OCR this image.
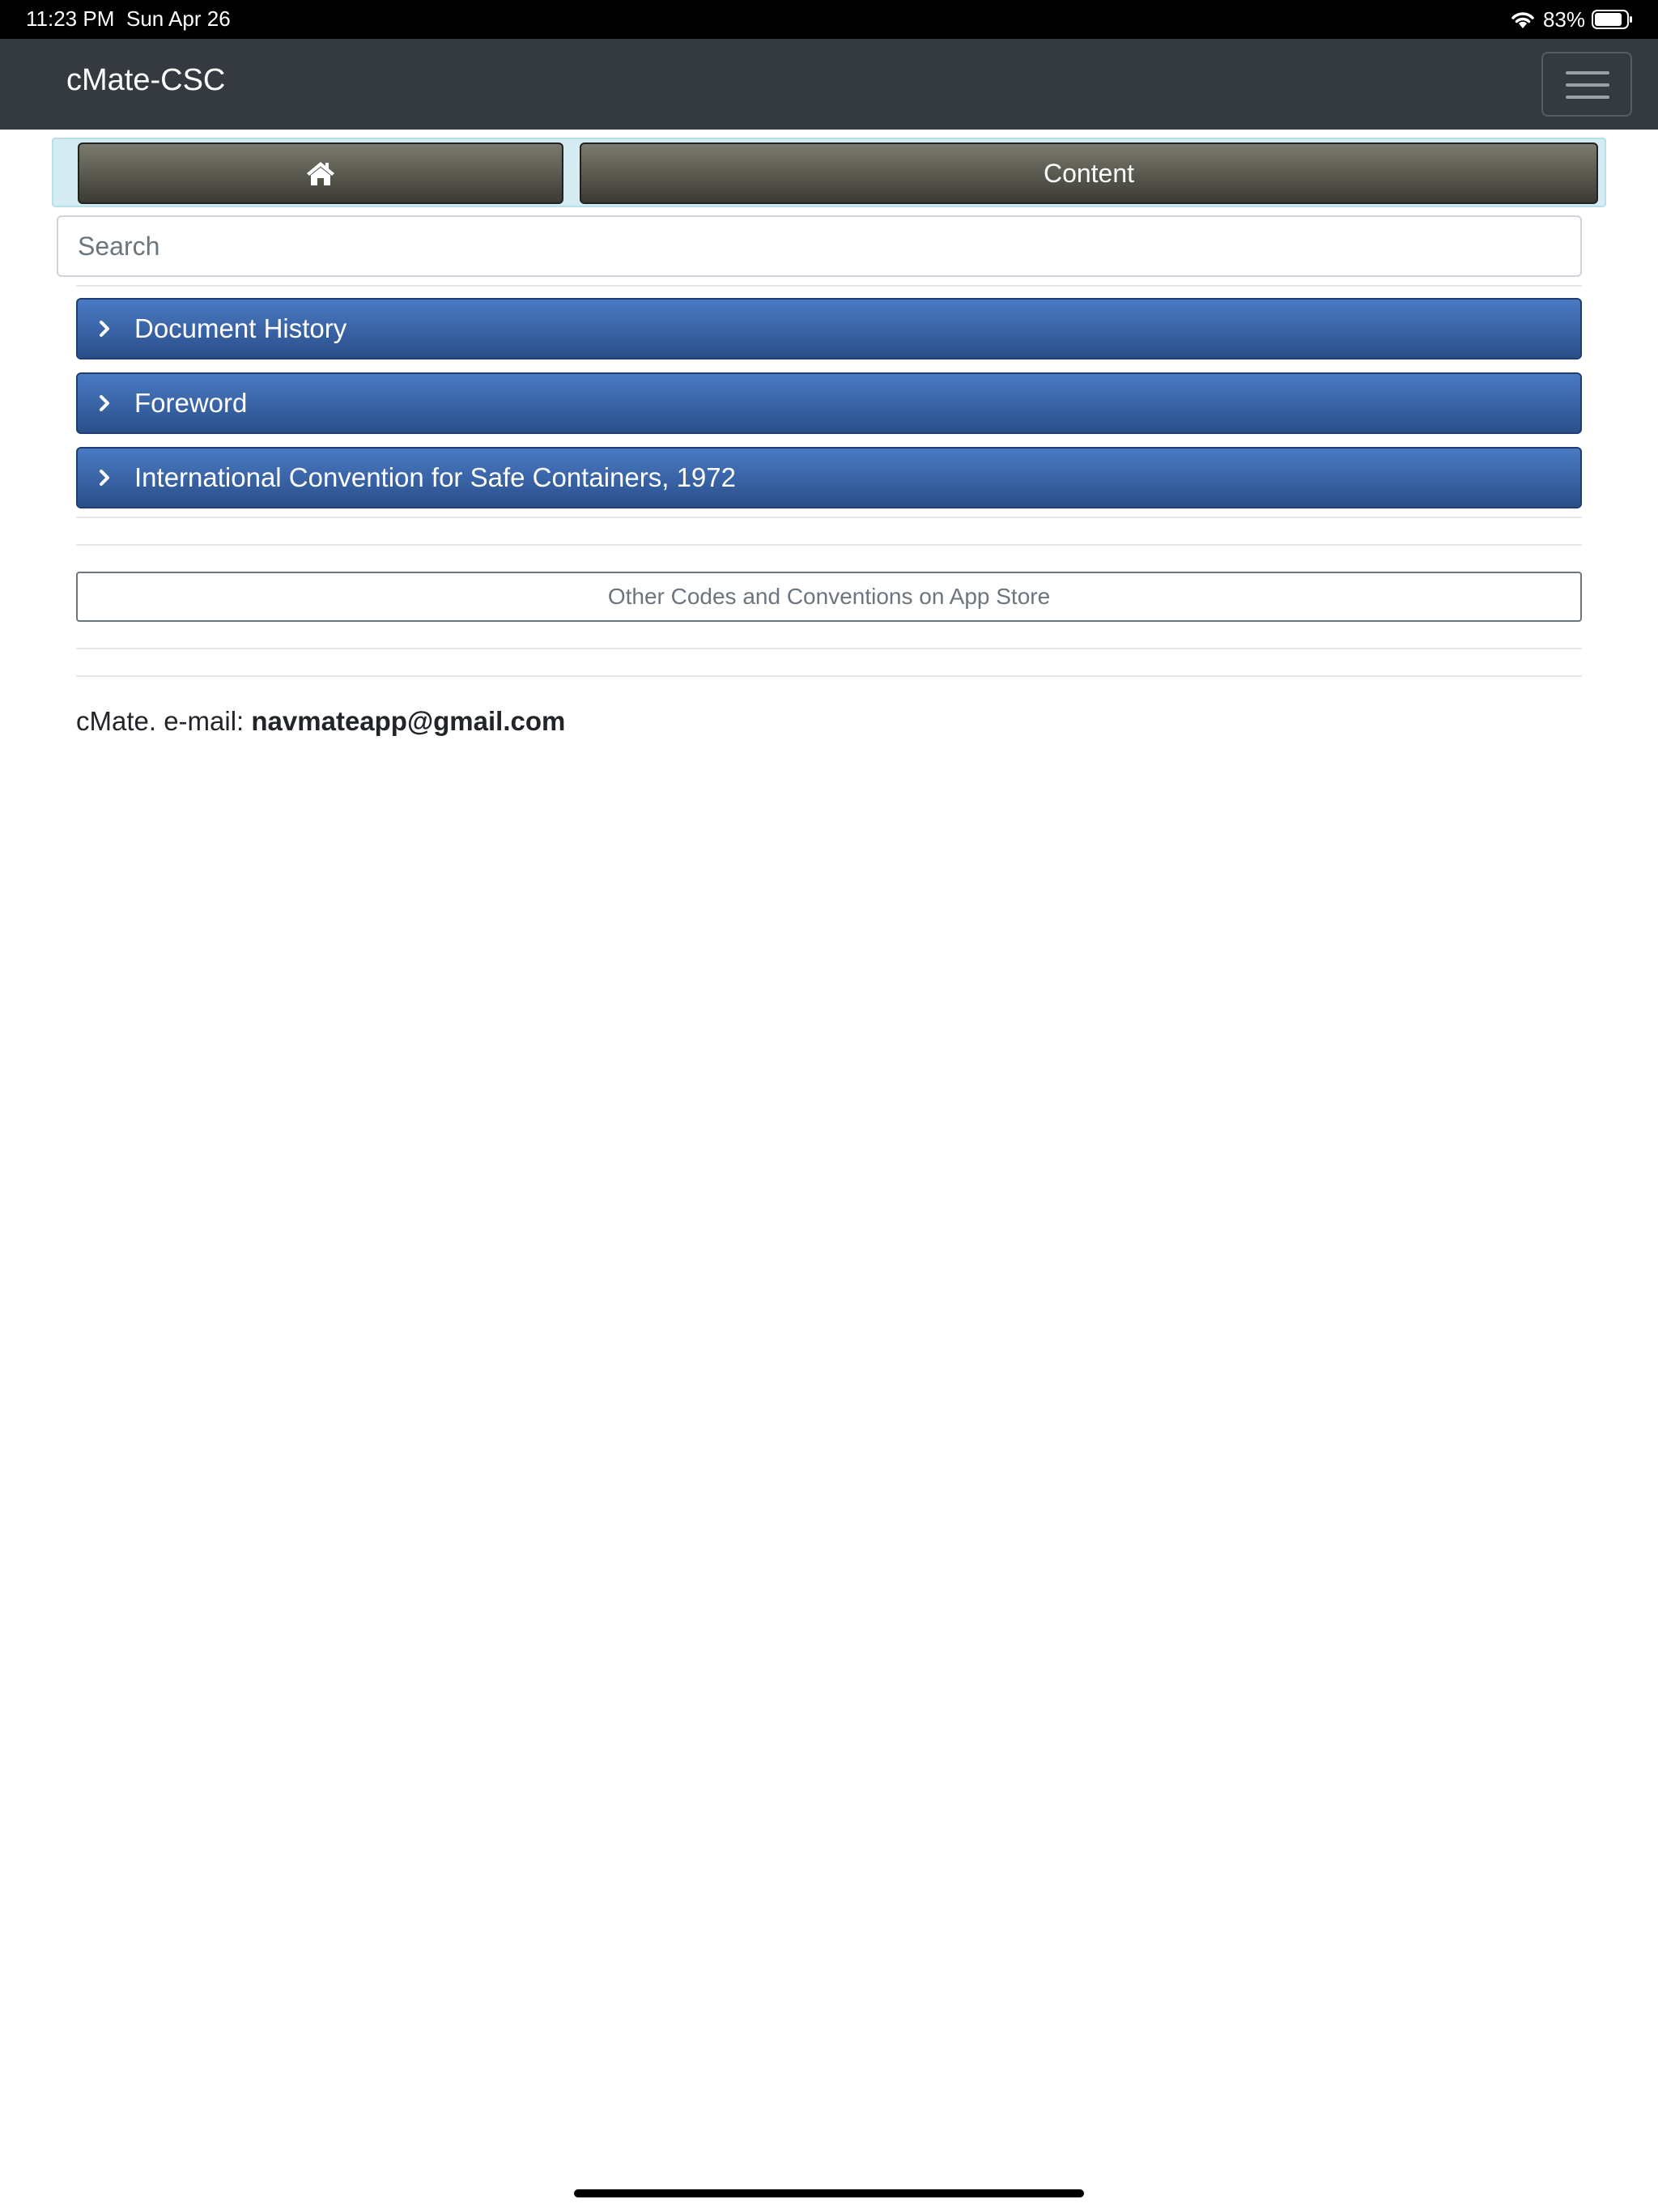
11:23 PM Sun Apr 26	83%
cMate-CSC
Content
Search
Document History
Foreword
International Convention for Safe Containers, 1972
Other Codes and Conventions on App Store
cMate. e-mail: navmateapp@gmail.com
